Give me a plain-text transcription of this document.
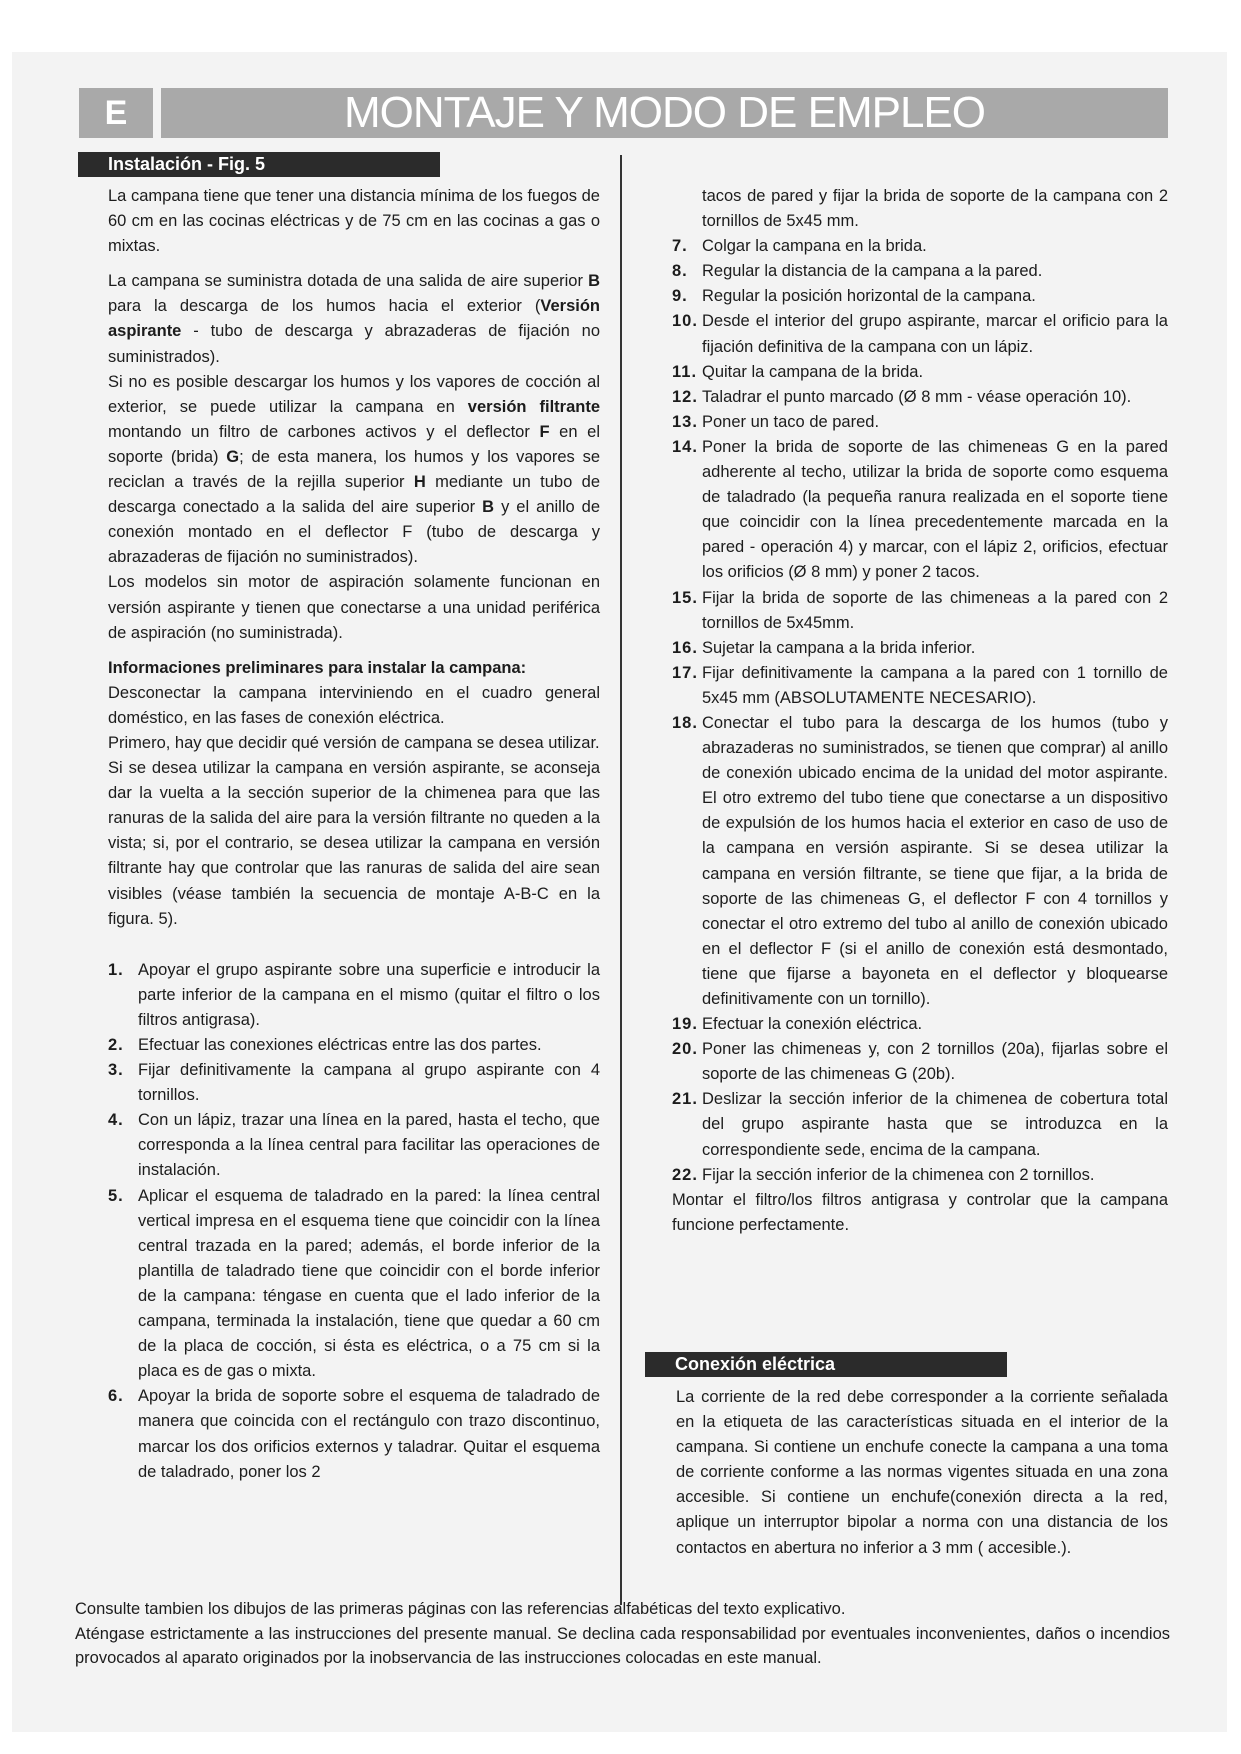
E	MONTAJE Y MODO DE EMPLEO
Instalación - Fig. 5

La campana tiene que tener una distancia mínima de los fuegos de 60 cm en las cocinas eléctricas y de 75 cm en las cocinas a gas o mixtas.

La campana se suministra dotada de una salida de aire superior B para la descarga de los humos hacia el exterior (Versión aspirante - tubo de descarga y abrazaderas de fijación no suministrados).

Si no es posible descargar los humos y los vapores de cocción al exterior, se puede utilizar la campana en versión filtrante montando un filtro de carbones activos y el deflector F en el soporte (brida) G; de esta manera, los humos y los vapores se reciclan a través de la rejilla superior H mediante un tubo de descarga conectado a la salida del aire superior B y el anillo de conexión montado en el deflector F (tubo de descarga y abrazaderas de fijación no suministrados).

Los modelos sin motor de aspiración solamente funcionan en versión aspirante y tienen que conectarse a una unidad periférica de aspiración (no suministrada).

Informaciones preliminares para instalar la campana:

Desconectar la campana interviniendo en el cuadro general doméstico, en las fases de conexión eléctrica.

Primero, hay que decidir qué versión de campana se desea utilizar.

Si se desea utilizar la campana en versión aspirante, se aconseja dar la vuelta a la sección superior de la chimenea para que las ranuras de la salida del aire para la versión filtrante no queden a la vista; si, por el contrario, se desea utilizar la campana en versión filtrante hay que controlar que las ranuras de salida del aire sean visibles (véase también la secuencia de montaje A-B-C en la figura. 5).

1. Apoyar el grupo aspirante sobre una superficie e introducir la parte inferior de la campana en el mismo (quitar el filtro o los filtros antigrasa).
2. Efectuar las conexiones eléctricas entre las dos partes.
3. Fijar definitivamente la campana al grupo aspirante con 4 tornillos.
4. Con un lápiz, trazar una línea en la pared, hasta el techo, que corresponda a la línea central para facilitar las operaciones de instalación.
5. Aplicar el esquema de taladrado en la pared: la línea central vertical impresa en el esquema tiene que coincidir con la línea central trazada en la pared; además, el borde inferior de la plantilla de taladrado tiene que coincidir con el borde inferior de la campana: téngase en cuenta que el lado inferior de la campana, terminada la instalación, tiene que quedar a 60 cm de la placa de cocción, si ésta es eléctrica, o a 75 cm si la placa es de gas o mixta.
6. Apoyar la brida de soporte sobre el esquema de taladrado de manera que coincida con el rectángulo con trazo discontinuo, marcar los dos orificios externos y taladrar. Quitar el esquema de taladrado, poner los 2
tacos de pared y fijar la brida de soporte de la campana con 2 tornillos de 5x45 mm.
7. Colgar la campana en la brida.
8. Regular la distancia de la campana a la pared.
9. Regular la posición horizontal de la campana.
10. Desde el interior del grupo aspirante, marcar el orificio para la fijación definitiva de la campana con un lápiz.
11. Quitar la campana de la brida.
12. Taladrar el punto marcado (Ø 8 mm - véase operación 10).
13. Poner un taco de pared.
14. Poner la brida de soporte de las chimeneas G en la pared adherente al techo, utilizar la brida de soporte como esquema de taladrado (la pequeña ranura realizada en el soporte tiene que coincidir con la línea precedentemente marcada en la pared - operación 4) y marcar, con el lápiz 2, orificios, efectuar los orificios (Ø 8 mm) y poner 2 tacos.
15. Fijar la brida de soporte de las chimeneas a la pared con 2 tornillos de 5x45mm.
16. Sujetar la campana a la brida inferior.
17. Fijar definitivamente la campana a la pared con 1 tornillo de 5x45 mm (ABSOLUTAMENTE NECESARIO).
18. Conectar el tubo para la descarga de los humos (tubo y abrazaderas no suministrados, se tienen que comprar) al anillo de conexión ubicado encima de la unidad del motor aspirante. El otro extremo del tubo tiene que conectarse a un dispositivo de expulsión de los humos hacia el exterior en caso de uso de la campana en versión aspirante. Si se desea utilizar la campana en versión filtrante, se tiene que fijar, a la brida de soporte de las chimeneas G, el deflector F con 4 tornillos y conectar el otro extremo del tubo al anillo de conexión ubicado en el deflector F (si el anillo de conexión está desmontado, tiene que fijarse a bayoneta en el deflector y bloquearse definitivamente con un tornillo).
19. Efectuar la conexión eléctrica.
20. Poner las chimeneas y, con 2 tornillos (20a), fijarlas sobre el soporte de las chimeneas G (20b).
21. Deslizar la sección inferior de la chimenea de cobertura total del grupo aspirante hasta que se introduzca en la correspondiente sede, encima de la campana.
22. Fijar la sección inferior de la chimenea con 2 tornillos.

Montar el filtro/los filtros antigrasa y controlar que la campana funcione perfectamente.

Conexión eléctrica

La corriente de la red debe corresponder a la corriente señalada en la etiqueta de las características situada en el interior de la campana. Si contiene un enchufe conecte la campana a una toma de corriente conforme a las normas vigentes situada en una zona accesible. Si contiene un enchufe(conexión directa a la red, aplique un interruptor bipolar a norma con una distancia de los contactos en abertura no inferior a 3 mm ( accesible.).

Consulte tambien los dibujos de las primeras páginas con las referencias alfabéticas del texto explicativo.

Aténgase estrictamente a las instrucciones del presente manual. Se declina cada responsabilidad por eventuales inconvenientes, daños o incendios provocados al aparato originados por la inobservancia de las instrucciones colocadas en este manual.
